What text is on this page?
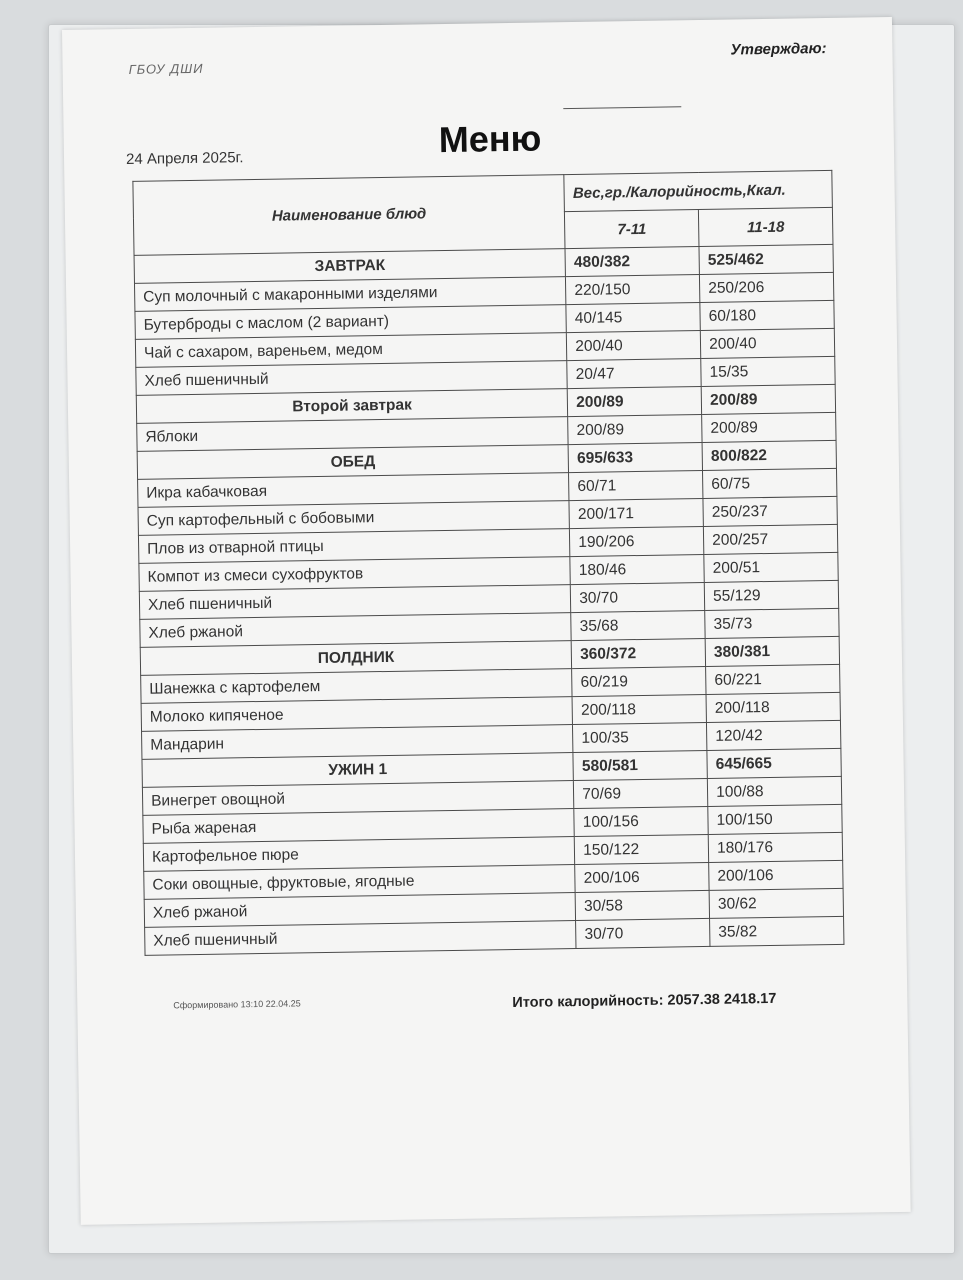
ГБОУ ДШИ
Утверждаю:
24 Апреля 2025г.	Меню
Наименование блюд	Вес,гр./Калорийность,Ккал.	
	7-11	11-18
ЗАВТРАК	480/382	525/462
Суп молочный с макаронными изделями	220/150	250/206
Бутерброды с маслом (2 вариант)	40/145	60/180
Чай с сахаром, вареньем, медом	200/40	200/40
Хлеб пшеничный	20/47	15/35
Второй завтрак	200/89	200/89
Яблоки	200/89	200/89
ОБЕД	695/633	800/822
Икра кабачковая	60/71	60/75
Суп картофельный с бобовыми	200/171	250/237
Плов из отварной птицы	190/206	200/257
Компот из смеси сухофруктов	180/46	200/51
Хлеб пшеничный	30/70	55/129
Хлеб ржаной	35/68	35/73
ПОЛДНИК	360/372	380/381
Шанежка с картофелем	60/219	60/221
Молоко кипяченое	200/118	200/118
Мандарин	100/35	120/42
УЖИН 1	580/581	645/665
Винегрет овощной	70/69	100/88
Рыба жареная	100/156	100/150
Картофельное пюре	150/122	180/176
Соки овощные, фруктовые, ягодные	200/106	200/106
Хлеб ржаной	30/58	30/62
Хлеб пшеничный	30/70	35/82
Сформировано 13:10 22.04.25	Итого калорийность: 2057.38 2418.17
